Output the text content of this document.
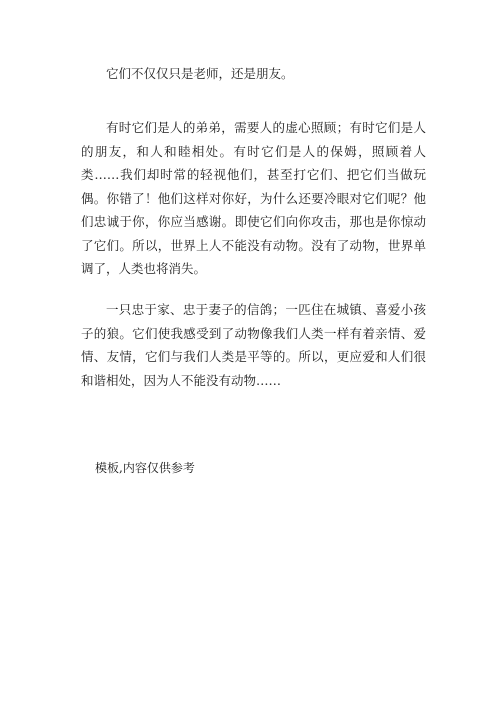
它们不仅仅只是老师，还是朋友。

有时它们是人的弟弟，需要人的虚心照顾；有时它们是人的朋友，和人和睦相处。有时它们是人的保姆，照顾着人类……我们却时常的轻视他们，甚至打它们、把它们当做玩偶。你错了！他们这样对你好，为什么还要冷眼对它们呢？他们忠诚于你，你应当感谢。即使它们向你攻击，那也是你惊动了它们。所以，世界上人不能没有动物。没有了动物，世界单调了，人类也将消失。

一只忠于家、忠于妻子的信鸽；一匹住在城镇、喜爱小孩子的狼。它们使我感受到了动物像我们人类一样有着亲情、爱情、友情，它们与我们人类是平等的。所以，更应爱和人们很和谐相处，因为人不能没有动物……

模板,内容仅供参考
